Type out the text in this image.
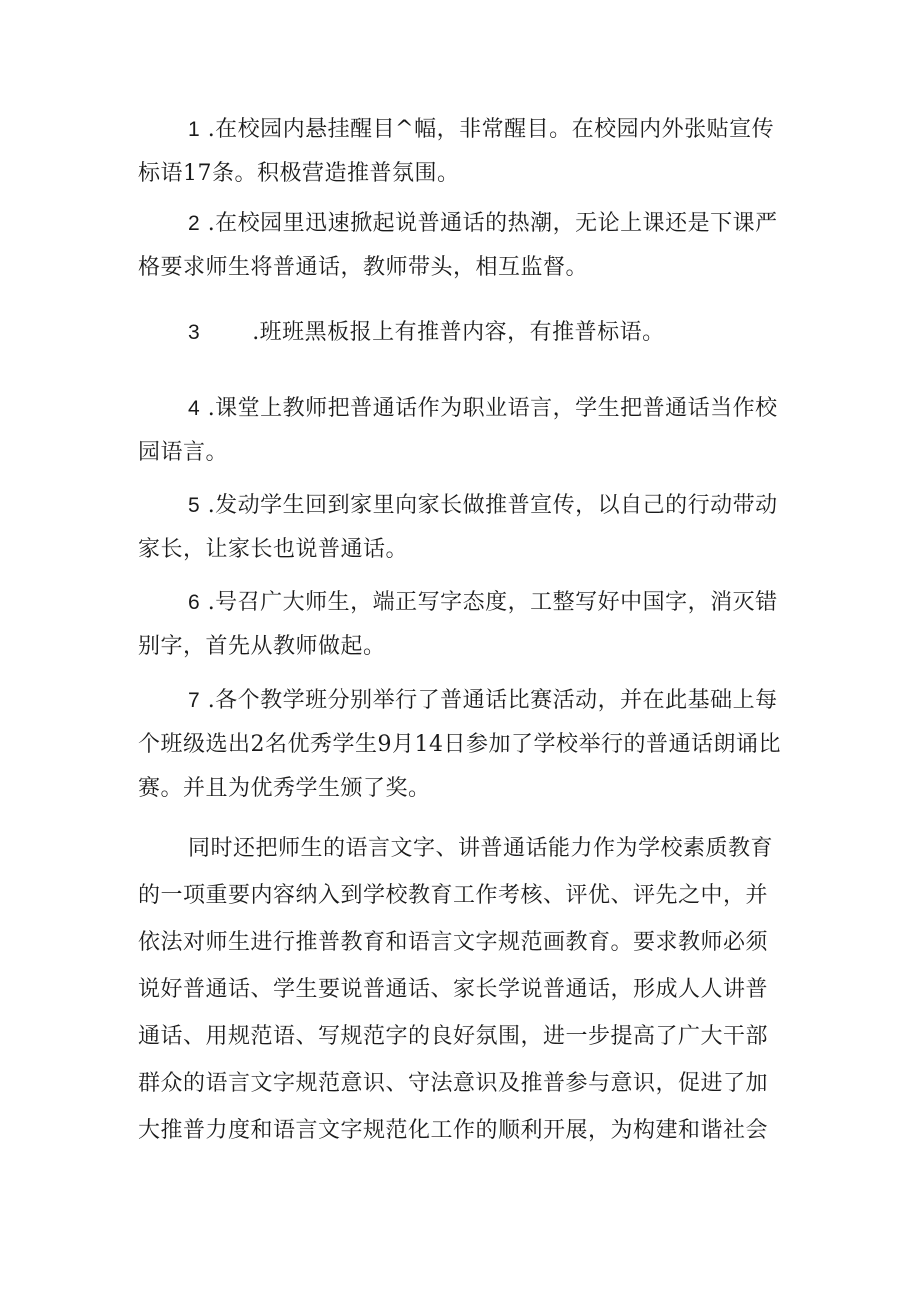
1 .在校园内悬挂醒目^幅，非常醒目。在校园内外张贴宣传
标语17条。积极营造推普氛围。

2 .在校园里迅速掀起说普通话的热潮，无论上课还是下课严
格要求师生将普通话，教师带头，相互监督。

3 .班班黑板报上有推普内容，有推普标语。

4 .课堂上教师把普通话作为职业语言，学生把普通话当作校
园语言。

5 .发动学生回到家里向家长做推普宣传，以自己的行动带动
家长，让家长也说普通话。

6 .号召广大师生，端正写字态度，工整写好中国字，消灭错
别字，首先从教师做起。

7 .各个教学班分别举行了普通话比赛活动，并在此基础上每
个班级选出2名优秀学生9月14日参加了学校举行的普通话朗诵比
赛。并且为优秀学生颁了奖。

同时还把师生的语言文字、讲普通话能力作为学校素质教育
的一项重要内容纳入到学校教育工作考核、评优、评先之中，并
依法对师生进行推普教育和语言文字规范画教育。要求教师必须
说好普通话、学生要说普通话、家长学说普通话，形成人人讲普
通话、用规范语、写规范字的良好氛围，进一步提高了广大干部
群众的语言文字规范意识、守法意识及推普参与意识，促进了加
大推普力度和语言文字规范化工作的顺利开展，为构建和谐社会
